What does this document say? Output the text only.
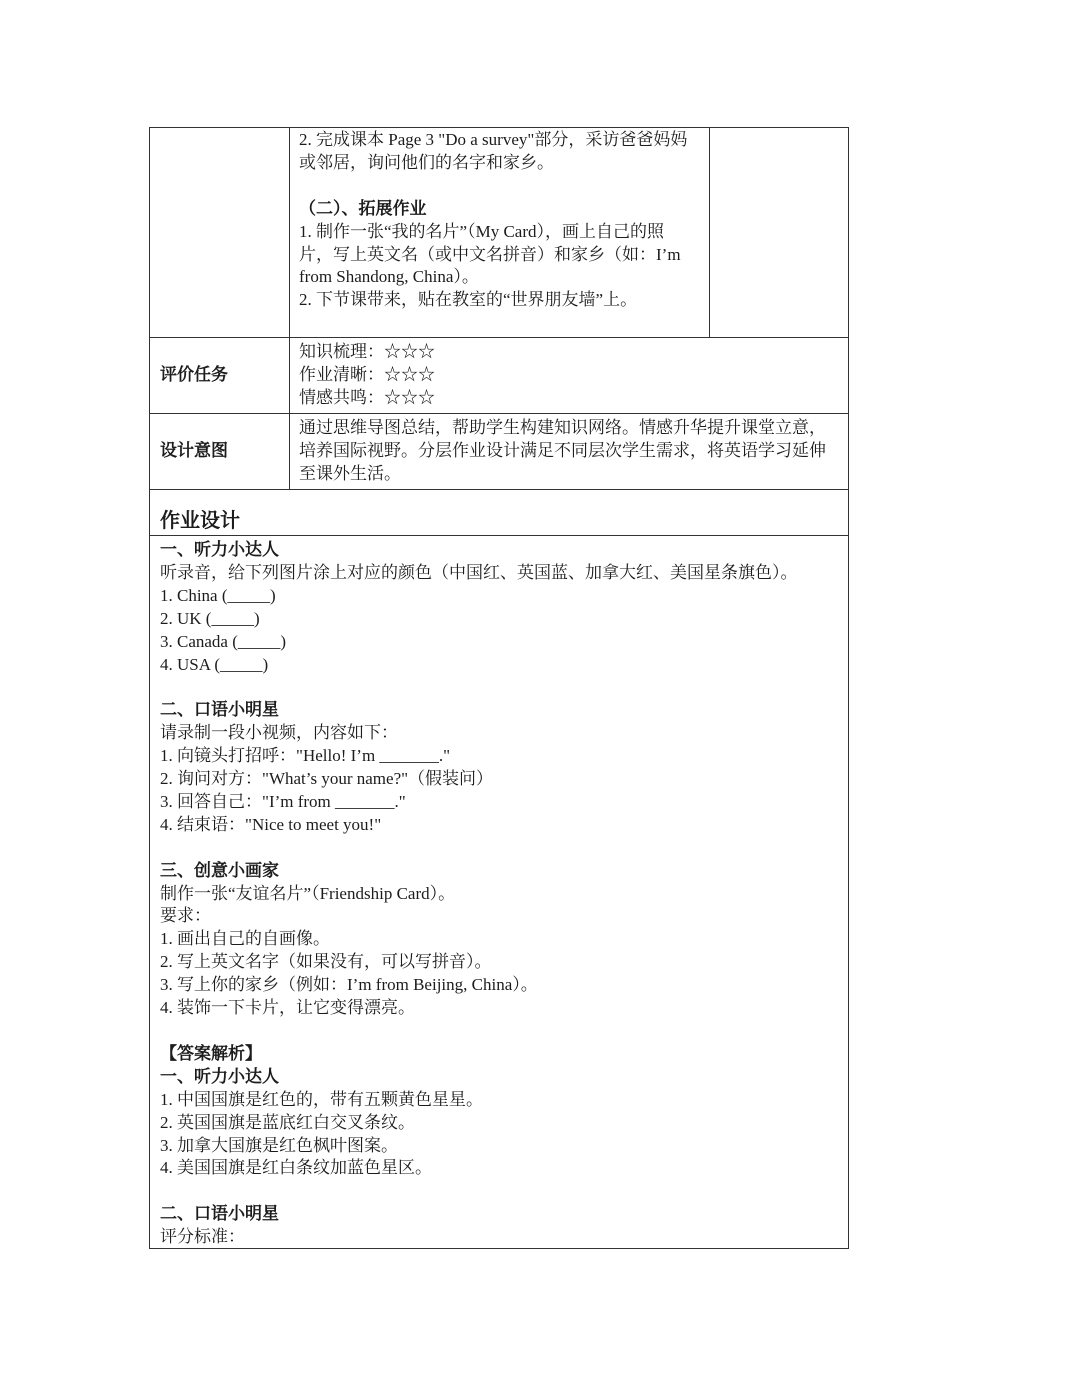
2. 完成课本 Page 3 "Do a survey"部分，采访爸爸妈妈或邻居，询问他们的名字和家乡。

（二）、拓展作业

1. 制作一张“我的名片”（My Card），画上自己的照片，写上英文名（或中文名拼音）和家乡（如：I’m from Shandong, China）。

2. 下节课带来，贴在教室的“世界朋友墙”上。

评价任务

知识梳理：☆☆☆

作业清晰：☆☆☆

情感共鸣：☆☆☆

设计意图

通过思维导图总结，帮助学生构建知识网络。情感升华提升课堂立意，培养国际视野。分层作业设计满足不同层次学生需求，将英语学习延伸至课外生活。

作业设计

一、听力小达人

听录音，给下列图片涂上对应的颜色（中国红、英国蓝、加拿大红、美国星条旗色）。

1. China (_____)

2. UK (_____)

3. Canada (_____)

4. USA (_____)

二、口语小明星

请录制一段小视频，内容如下：

1. 向镜头打招呼："Hello! I’m _______."

2. 询问对方："What’s your name?"（假装问）

3. 回答自己："I’m from _______."

4. 结束语："Nice to meet you!"

三、创意小画家

制作一张“友谊名片”（Friendship Card）。

要求：

1. 画出自己的自画像。

2. 写上英文名字（如果没有，可以写拼音）。

3. 写上你的家乡（例如：I’m from Beijing, China）。

4. 装饰一下卡片，让它变得漂亮。

【答案解析】

一、听力小达人

1. 中国国旗是红色的，带有五颗黄色星星。

2. 英国国旗是蓝底红白交叉条纹。

3. 加拿大国旗是红色枫叶图案。

4. 美国国旗是红白条纹加蓝色星区。

二、口语小明星

评分标准：
